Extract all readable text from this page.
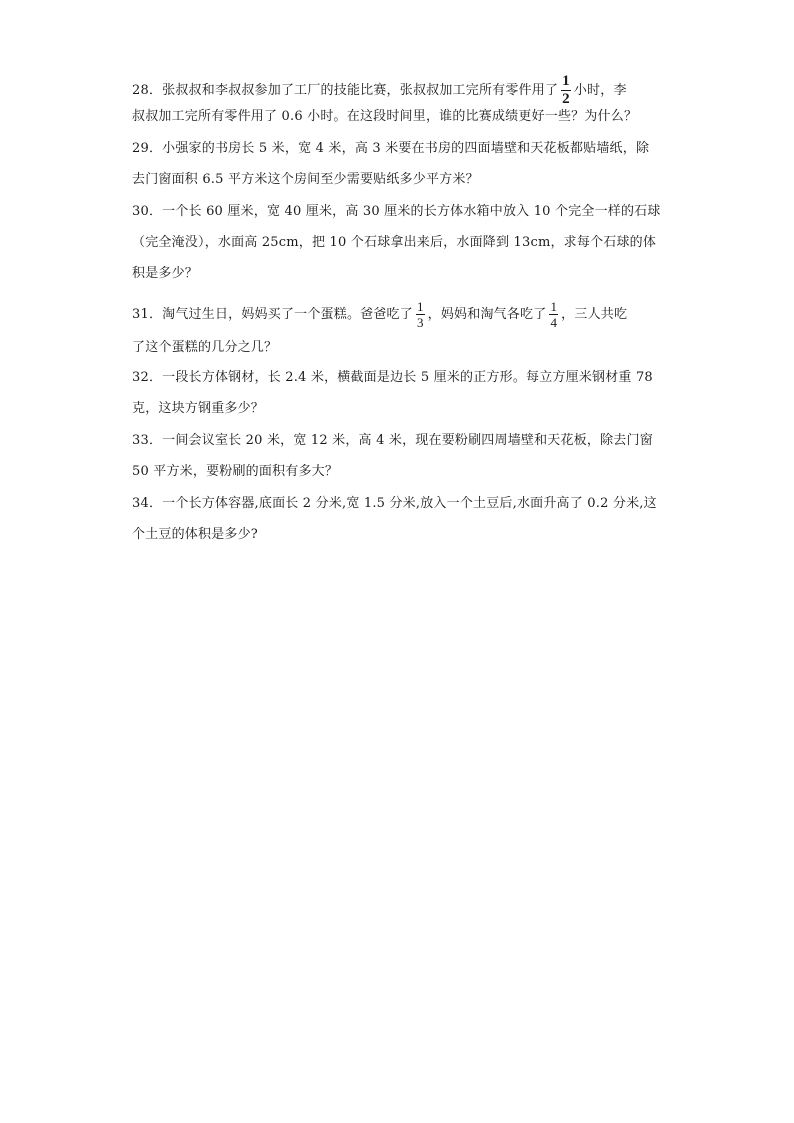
28．张叔叔和李叔叔参加了工厂的技能比赛，张叔叔加工完所有零件用了 $\frac{1}{2}$ 小时，李
叔叔加工完所有零件用了 0.6 小时。在这段时间里，谁的比赛成绩更好一些？为什么？
29．小强家的书房长 5 米，宽 4 米，高 3 米要在书房的四面墙壁和天花板都贴墙纸，除
去门窗面积 6.5 平方米这个房间至少需要贴纸多少平方米？
30．一个长 60 厘米，宽 40 厘米，高 30 厘米的长方体水箱中放入 10 个完全一样的石球
（完全淹没），水面高 25cm，把 10 个石球拿出来后，水面降到 13cm，求每个石球的体
积是多少？
31．淘气过生日，妈妈买了一个蛋糕。爸爸吃了 $\frac{1}{3}$ ，妈妈和淘气各吃了 $\frac{1}{4}$ ，三人共吃
了这个蛋糕的几分之几？
32．一段长方体钢材，长 2.4 米，横截面是边长 5 厘米的正方形。每立方厘米钢材重 78
克，这块方钢重多少？
33．一间会议室长 20 米，宽 12 米，高 4 米，现在要粉刷四周墙壁和天花板，除去门窗
50 平方米，要粉刷的面积有多大？
34．一个长方体容器,底面长 2 分米,宽 1.5 分米,放入一个土豆后,水面升高了 0.2 分米,这
个土豆的体积是多少?
